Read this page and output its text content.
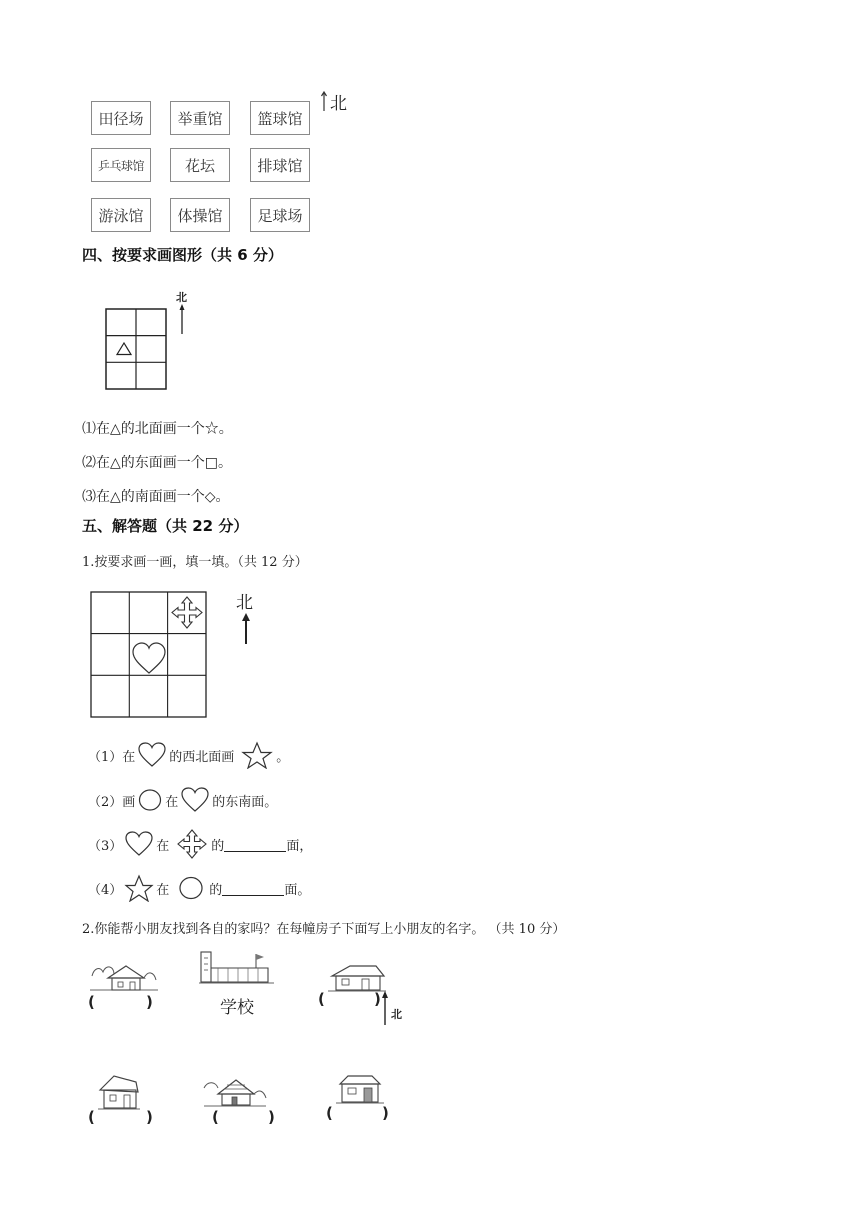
田径场	举重馆	篮球馆
乒乓球馆	花坛	排球馆
游泳馆	体操馆	足球场
北
四、按要求画图形（共 6 分）
北
⑴在△的北面画一个☆。
⑵在△的东面画一个□。
⑶在△的南面画一个◇。
五、解答题（共 22 分）
1.按要求画一画，填一填。（共 12 分）
北
（1）在	的西北面画	。
（2）画 在	的东南面。
（3）	在	的	面，
（4）	在	的	面。
2.你能帮小朋友找到各自的家吗？在每幢房子下面写上小朋友的名字。 （共 10 分）
(	)	学校	(	)
北
(	)	(	)	(	)
